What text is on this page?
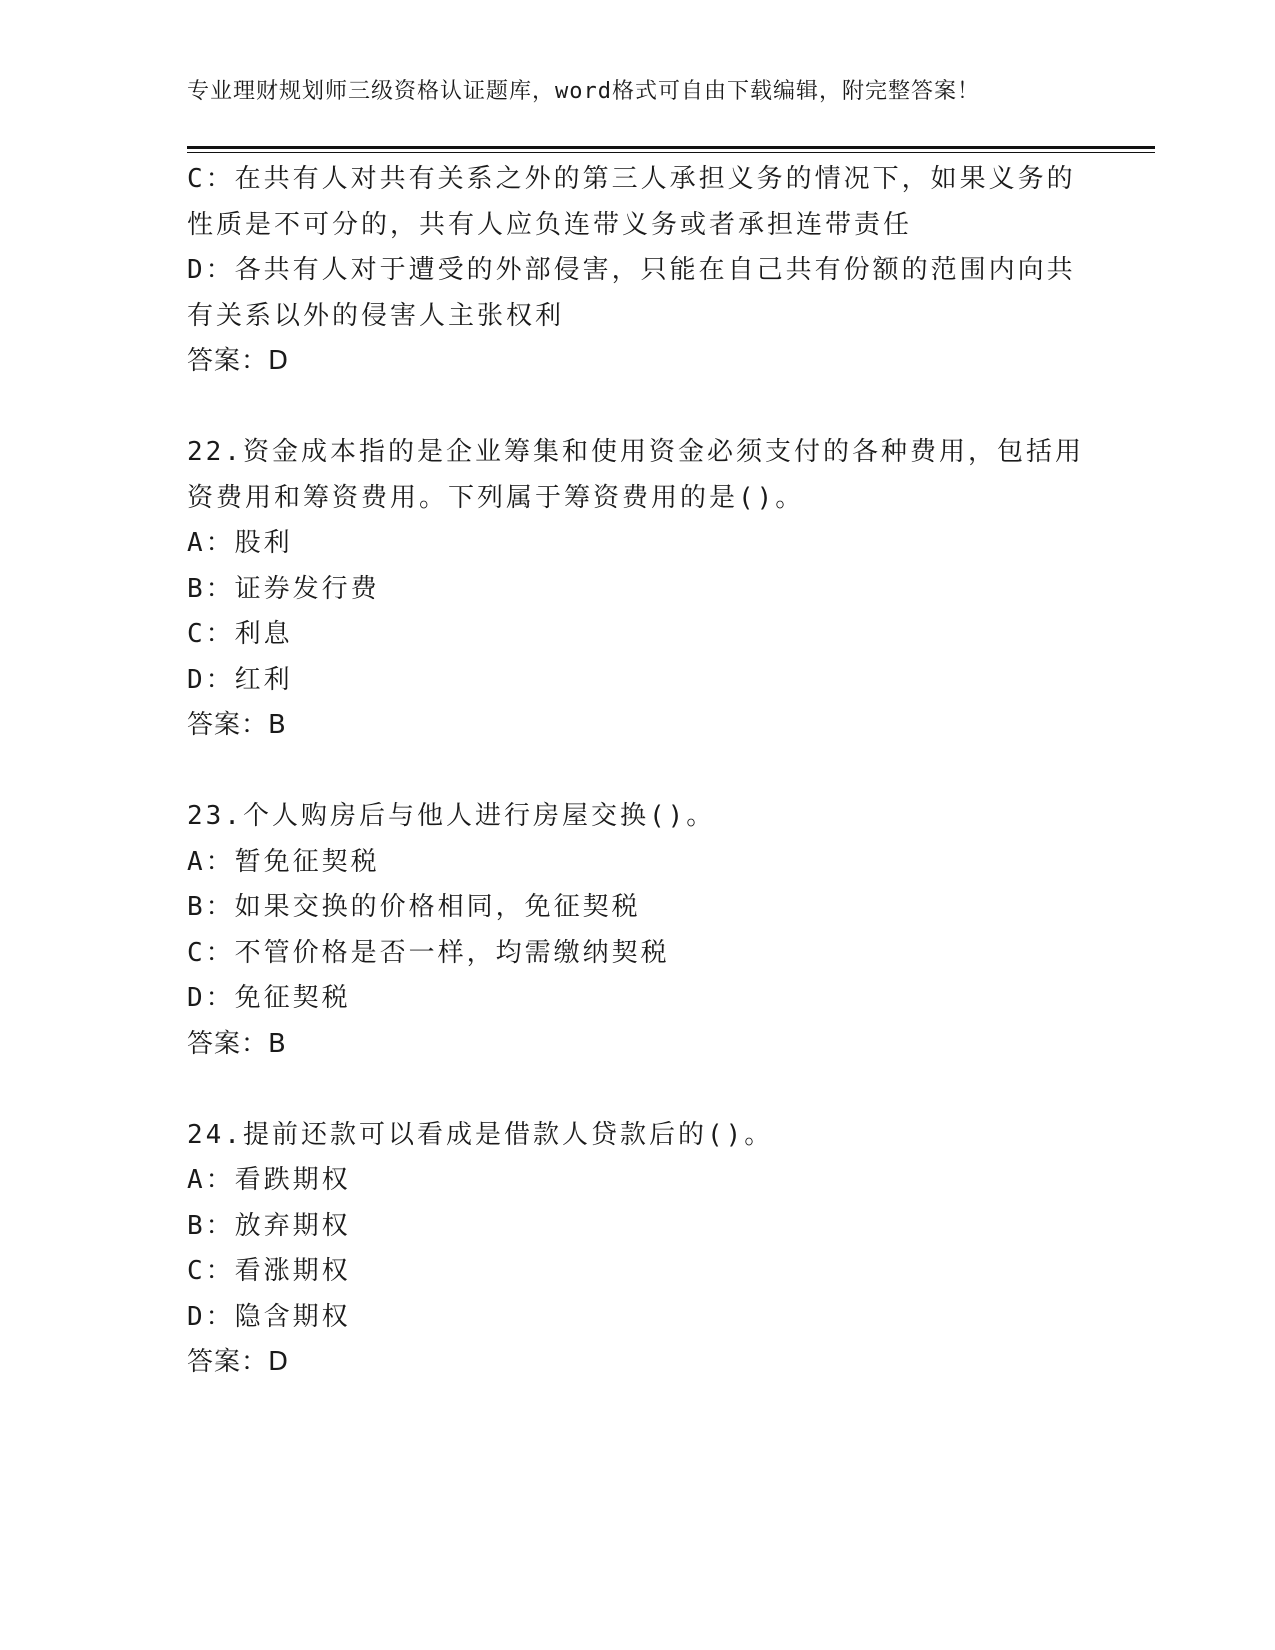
专业理财规划师三级资格认证题库，word格式可自由下载编辑，附完整答案！
C：在共有人对共有关系之外的第三人承担义务的情况下，如果义务的
性质是不可分的，共有人应负连带义务或者承担连带责任
D：各共有人对于遭受的外部侵害，只能在自己共有份额的范围内向共
有关系以外的侵害人主张权利
答案：D
22.资金成本指的是企业筹集和使用资金必须支付的各种费用，包括用
资费用和筹资费用。下列属于筹资费用的是()。
A：股利
B：证券发行费
C：利息
D：红利
答案：B
23.个人购房后与他人进行房屋交换()。
A：暂免征契税
B：如果交换的价格相同，免征契税
C：不管价格是否一样，均需缴纳契税
D：免征契税
答案：B
24.提前还款可以看成是借款人贷款后的()。
A：看跌期权
B：放弃期权
C：看涨期权
D：隐含期权
答案：D
